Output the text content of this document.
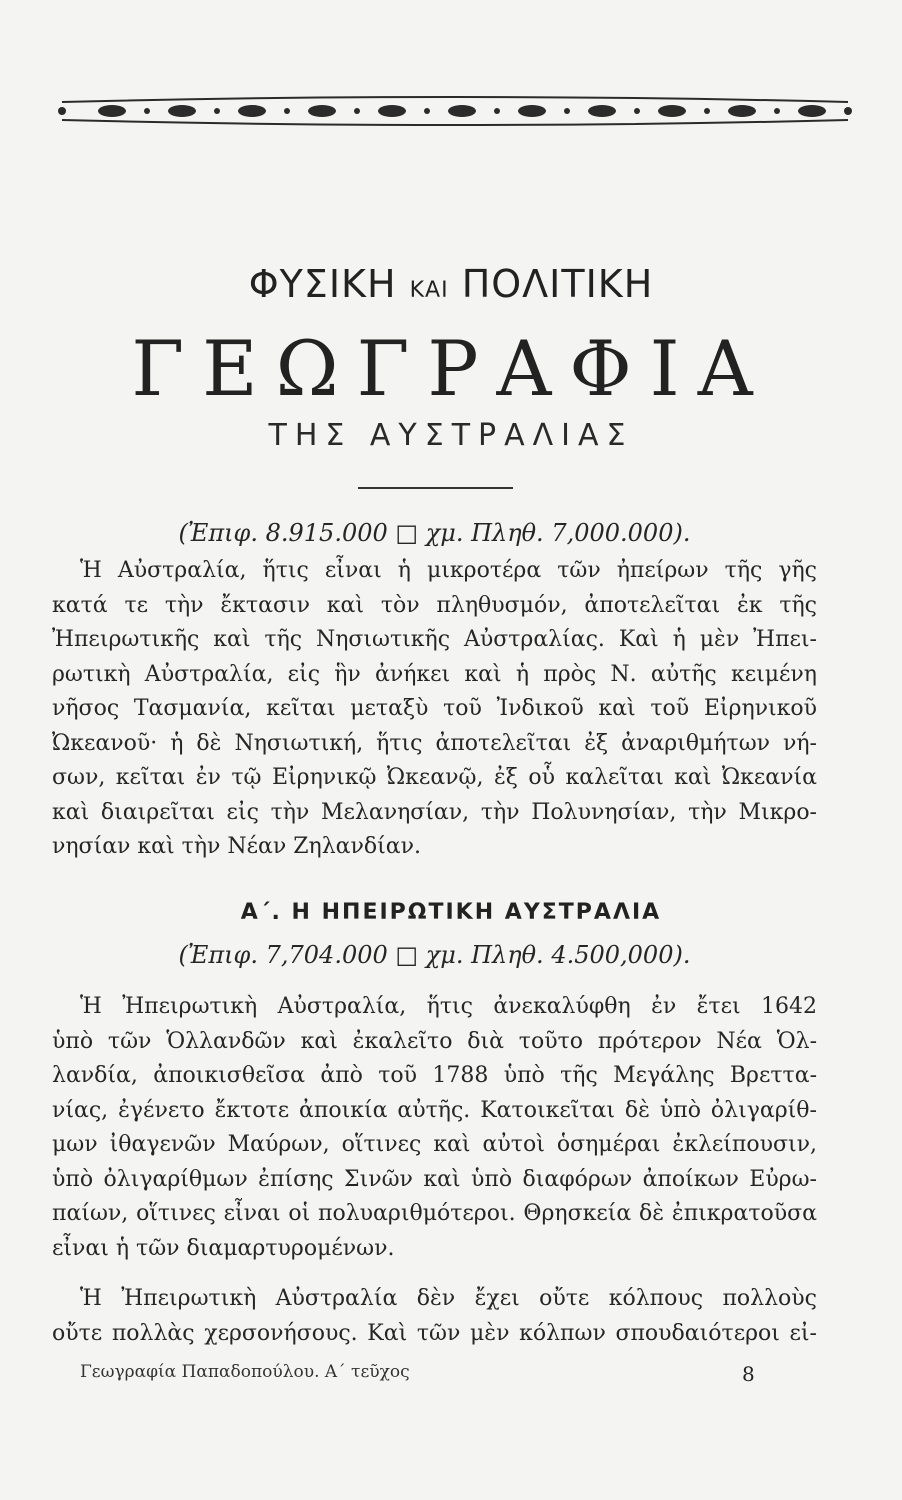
ΦΥΣΙΚΗ ΚΑΙ ΠΟΛΙΤΙΚΗ
ΓΕΩΓΡΑΦΙΑ
ΤΗΣ ΑΥΣΤΡΑΛΙΑΣ
(Ἐπιφ. 8.915.000 □ χμ. Πληθ. 7,000.000).
Ἡ Αὐστραλία, ἥτις εἶναι ἡ μικροτέρα τῶν ἠπείρων τῆς γῆς
κατά τε τὴν ἔκτασιν καὶ τὸν πληθυσμόν, ἀποτελεῖται ἐκ τῆς
Ἠπειρωτικῆς καὶ τῆς Νησιωτικῆς Αὐστραλίας. Καὶ ἡ μὲν Ἠπει-
ρωτικὴ Αὐστραλία, εἰς ἣν ἀνήκει καὶ ἡ πρὸς Ν. αὐτῆς κειμένη
νῆσος Τασμανία, κεῖται μεταξὺ τοῦ Ἰνδικοῦ καὶ τοῦ Εἰρηνικοῦ
Ὠκεανοῦ· ἡ δὲ Νησιωτική, ἥτις ἀποτελεῖται ἐξ ἀναριθμήτων νή-
σων, κεῖται ἐν τῷ Εἰρηνικῷ Ὠκεανῷ, ἐξ οὗ καλεῖται καὶ Ὠκεανία
καὶ διαιρεῖται εἰς τὴν Μελανησίαν, τὴν Πολυνησίαν, τὴν Μικρο-
νησίαν καὶ τὴν Νέαν Ζηλανδίαν.
Α΄. Η ΗΠΕΙΡΩΤΙΚΗ ΑΥΣΤΡΑΛΙΑ
(Ἐπιφ. 7,704.000 □ χμ. Πληθ. 4.500,000).
Ἡ Ἠπειρωτικὴ Αὐστραλία, ἥτις ἀνεκαλύφθη ἐν ἔτει 1642
ὑπὸ τῶν Ὁλλανδῶν καὶ ἐκαλεῖτο διὰ τοῦτο πρότερον Νέα Ὁλ-
λανδία, ἀποικισθεῖσα ἀπὸ τοῦ 1788 ὑπὸ τῆς Μεγάλης Βρεττα-
νίας, ἐγένετο ἔκτοτε ἀποικία αὐτῆς. Κατοικεῖται δὲ ὑπὸ ὀλιγαρίθ-
μων ἰθαγενῶν Μαύρων, οἵτινες καὶ αὐτοὶ ὁσημέραι ἐκλείπουσιν,
ὑπὸ ὀλιγαρίθμων ἐπίσης Σινῶν καὶ ὑπὸ διαφόρων ἀποίκων Εὐρω-
παίων, οἵτινες εἶναι οἱ πολυαριθμότεροι. Θρησκεία δὲ ἐπικρατοῦσα
εἶναι ἡ τῶν διαμαρτυρομένων.
Ἡ Ἠπειρωτικὴ Αὐστραλία δὲν ἔχει οὔτε κόλπους πολλοὺς
οὔτε πολλὰς χερσονήσους. Καὶ τῶν μὲν κόλπων σπουδαιότεροι εἰ-
Γεωγραφία Παπαδοπούλου. Α΄ τεῦχος	8
